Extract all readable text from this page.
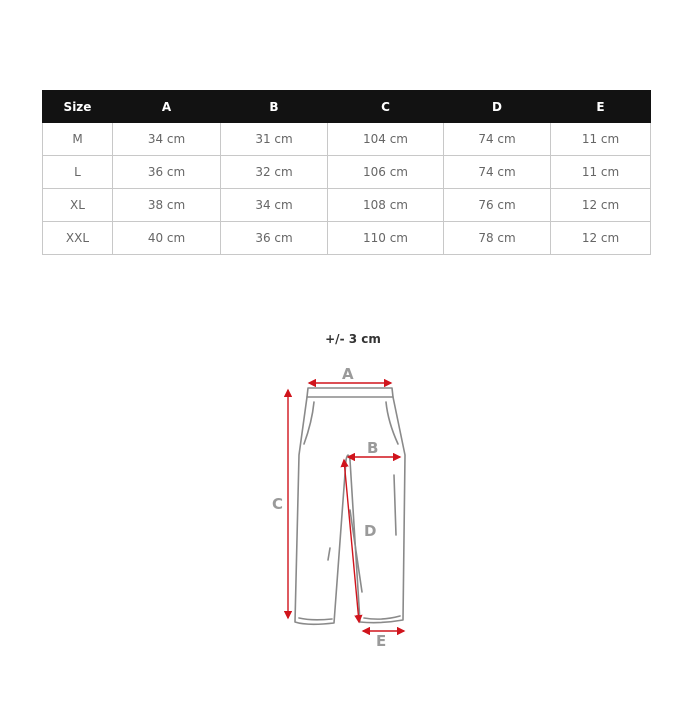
Size	A	B	C	D	E
M	34 cm	31 cm	104 cm	74 cm	11 cm
L	36 cm	32 cm	106 cm	74 cm	11 cm
XL	38 cm	34 cm	108 cm	76 cm	12 cm
XXL	40 cm	36 cm	110 cm	78 cm	12 cm
+/- 3 cm
A
B
C
D
E
